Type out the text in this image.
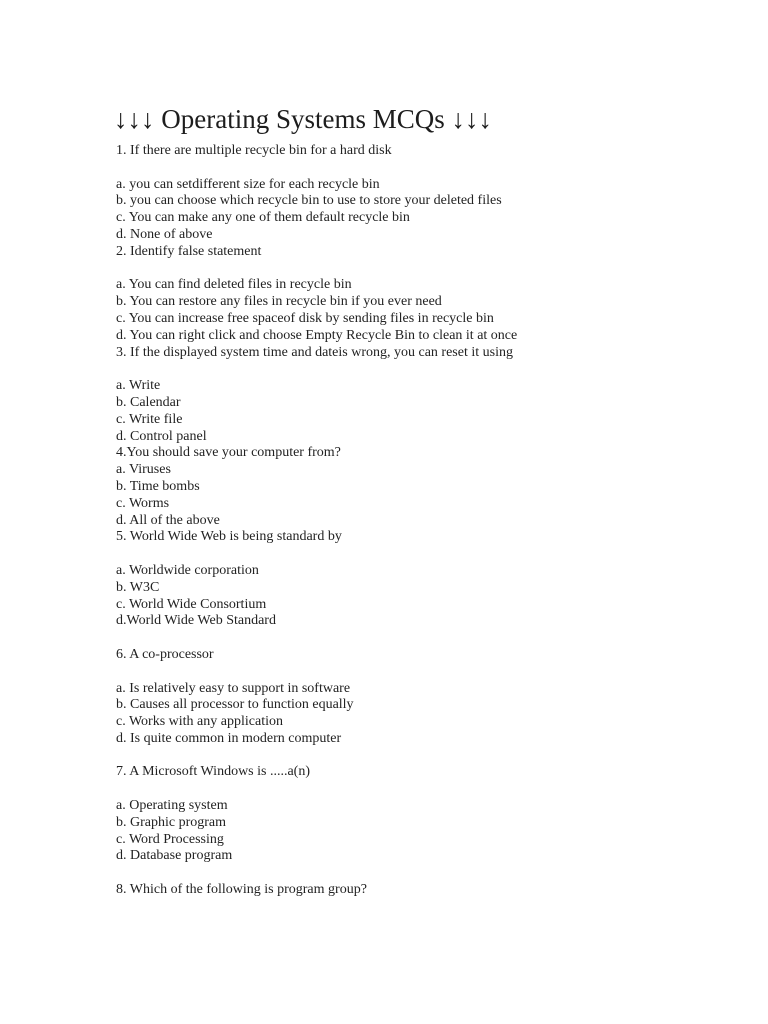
↓↓↓ Operating Systems MCQs ↓↓↓
1. If there are multiple recycle bin for a hard disk
a. you can setdifferent size for each recycle bin
b. you can choose which recycle bin to use to store your deleted files
c. You can make any one of them default recycle bin
d. None of above
2. Identify false statement
a. You can find deleted files in recycle bin
b. You can restore any files in recycle bin if you ever need
c. You can increase free spaceof disk by sending files in recycle bin
d. You can right click and choose Empty Recycle Bin to clean it at once
3. If the displayed system time and dateis wrong, you can reset it using
a. Write
b. Calendar
c. Write file
d. Control panel
4.You should save your computer from?
a. Viruses
b. Time bombs
c. Worms
d. All of the above
5. World Wide Web is being standard by
a. Worldwide corporation
b. W3C
c. World Wide Consortium
d.World Wide Web Standard
6. A co-processor
a. Is relatively easy to support in software
b. Causes all processor to function equally
c. Works with any application
d. Is quite common in modern computer
7. A Microsoft Windows is .....a(n)
a. Operating system
b. Graphic program
c. Word Processing
d. Database program
8. Which of the following is program group?
